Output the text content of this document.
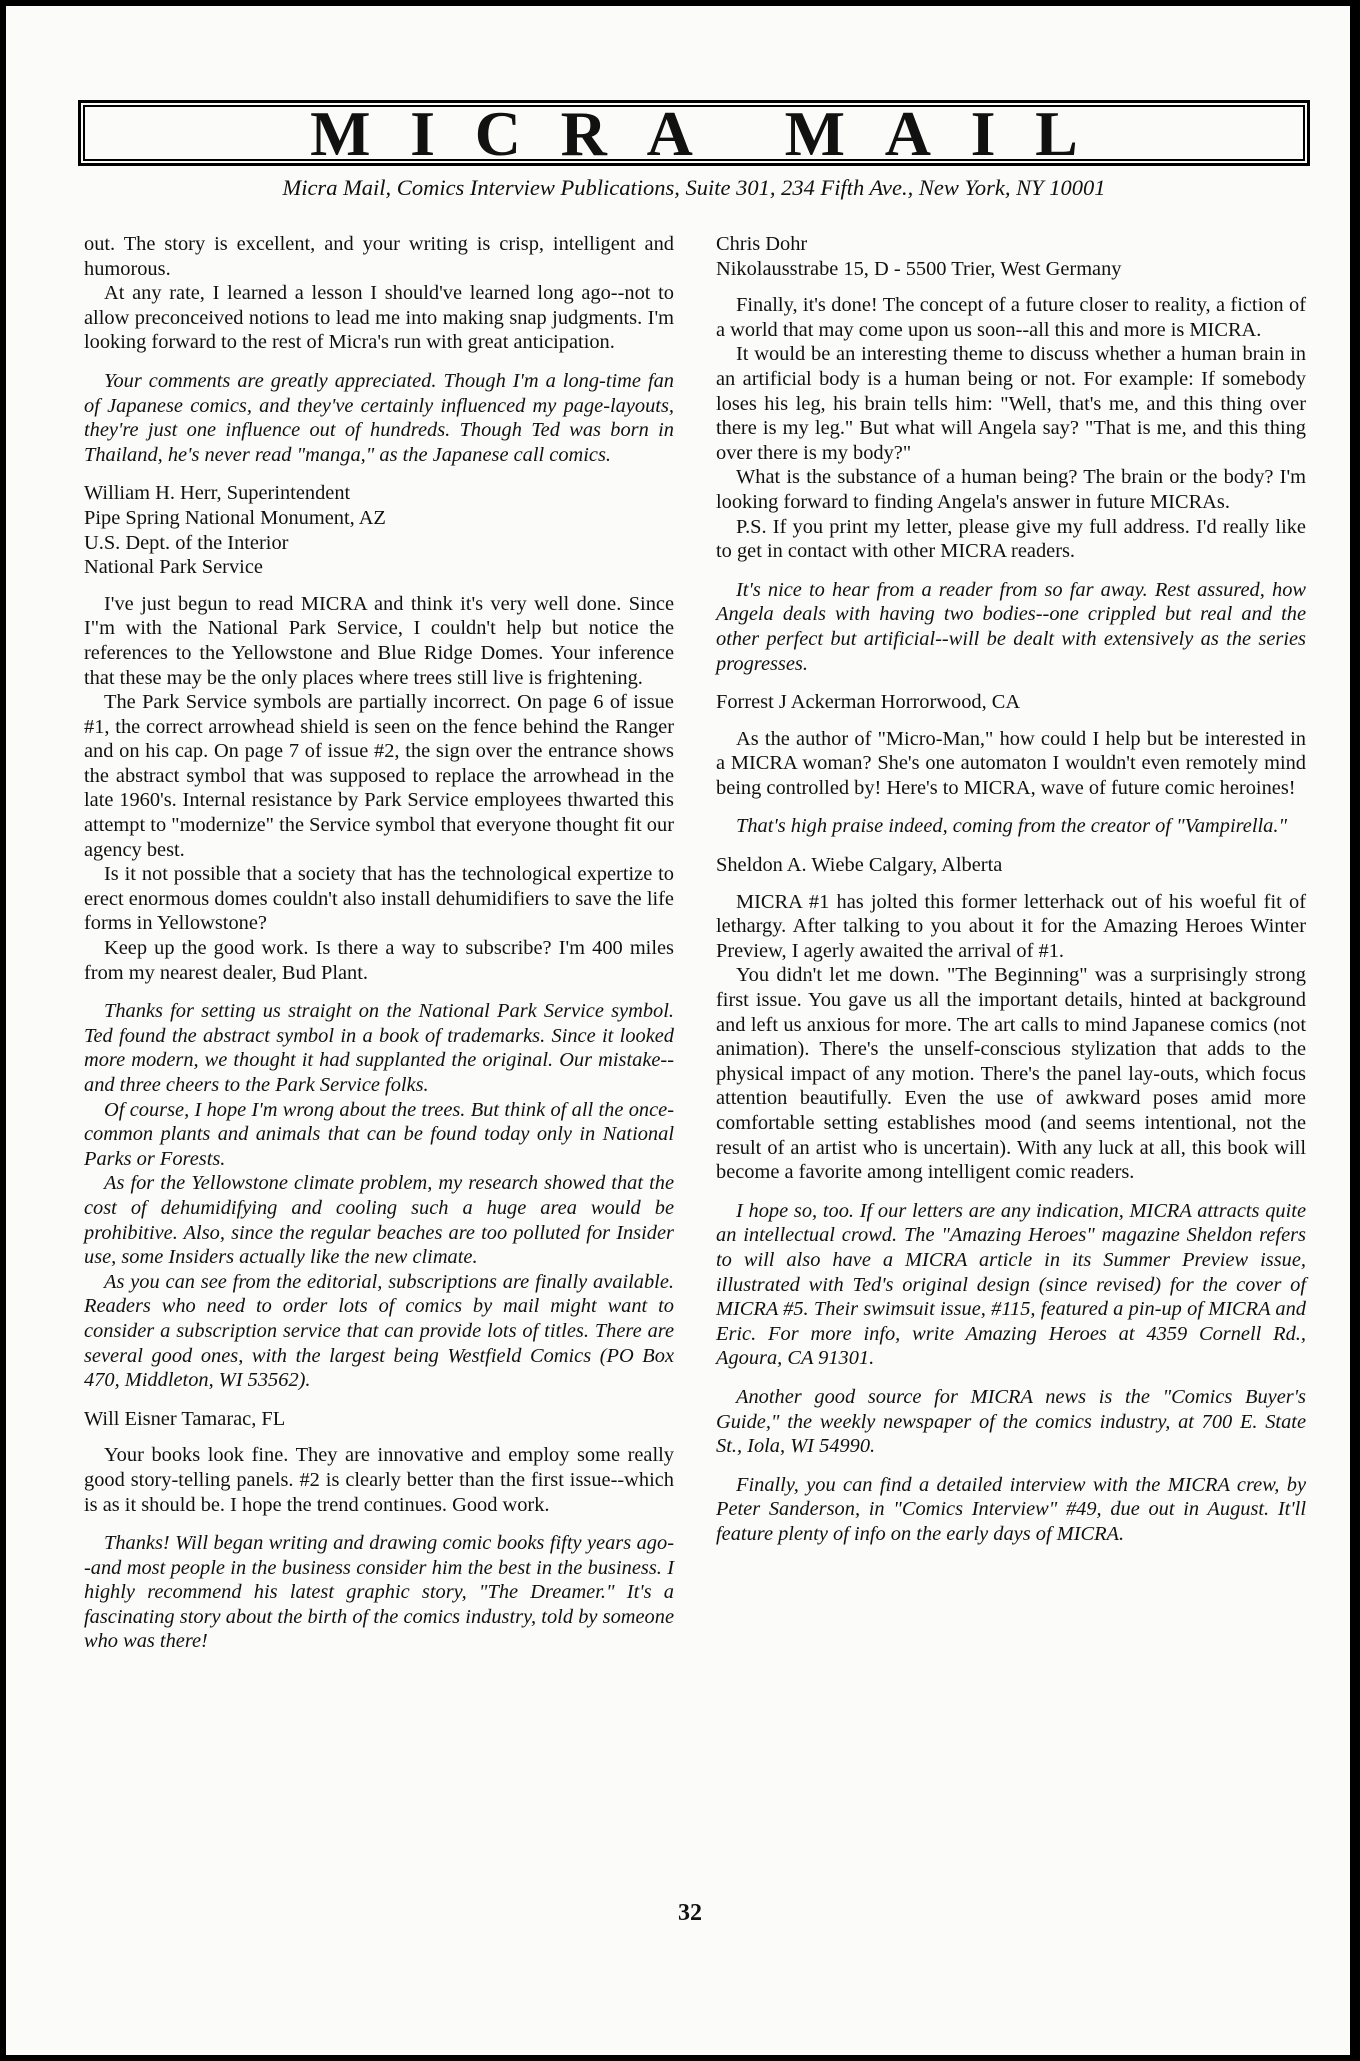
MICRA MAIL
Micra Mail, Comics Interview Publications, Suite 301, 234 Fifth Ave., New York, NY 10001

out. The story is excellent, and your writing is crisp, intelligent and humorous.

At any rate, I learned a lesson I should've learned long ago--not to allow preconceived notions to lead me into making snap judgments. I'm looking forward to the rest of Micra's run with great anticipation.

Your comments are greatly appreciated. Though I'm a long-time fan of Japanese comics, and they've certainly influenced my page-layouts, they're just one influence out of hundreds. Though Ted was born in Thailand, he's never read "manga," as the Japanese call comics.

William H. Herr, Superintendent
Pipe Spring National Monument, AZ
U.S. Dept. of the Interior
National Park Service

I've just begun to read MICRA and think it's very well done. Since I"m with the National Park Service, I couldn't help but notice the references to the Yellowstone and Blue Ridge Domes. Your inference that these may be the only places where trees still live is frightening.

The Park Service symbols are partially incorrect. On page 6 of issue #1, the correct arrowhead shield is seen on the fence behind the Ranger and on his cap. On page 7 of issue #2, the sign over the entrance shows the abstract symbol that was supposed to replace the arrowhead in the late 1960's. Internal resistance by Park Service employees thwarted this attempt to "modernize" the Service symbol that everyone thought fit our agency best.

Is it not possible that a society that has the technological expertize to erect enormous domes couldn't also install dehumidifiers to save the life forms in Yellowstone?

Keep up the good work. Is there a way to subscribe? I'm 400 miles from my nearest dealer, Bud Plant.

Thanks for setting us straight on the National Park Service symbol. Ted found the abstract symbol in a book of trademarks. Since it looked more modern, we thought it had supplanted the original. Our mistake--and three cheers to the Park Service folks.

Of course, I hope I'm wrong about the trees. But think of all the once-common plants and animals that can be found today only in National Parks or Forests.

As for the Yellowstone climate problem, my research showed that the cost of dehumidifying and cooling such a huge area would be prohibitive. Also, since the regular beaches are too polluted for Insider use, some Insiders actually like the new climate.

As you can see from the editorial, subscriptions are finally available. Readers who need to order lots of comics by mail might want to consider a subscription service that can provide lots of titles. There are several good ones, with the largest being Westfield Comics (PO Box 470, Middleton, WI 53562).

Will Eisner Tamarac, FL

Your books look fine. They are innovative and employ some really good story-telling panels. #2 is clearly better than the first issue--which is as it should be. I hope the trend continues. Good work.

Thanks! Will began writing and drawing comic books fifty years ago--and most people in the business consider him the best in the business. I highly recommend his latest graphic story, "The Dreamer." It's a fascinating story about the birth of the comics industry, told by someone who was there!

Chris Dohr
Nikolausstrabe 15, D - 5500 Trier, West Germany

Finally, it's done! The concept of a future closer to reality, a fiction of a world that may come upon us soon--all this and more is MICRA.

It would be an interesting theme to discuss whether a human brain in an artificial body is a human being or not. For example: If somebody loses his leg, his brain tells him: "Well, that's me, and this thing over there is my leg." But what will Angela say? "That is me, and this thing over there is my body?"

What is the substance of a human being? The brain or the body? I'm looking forward to finding Angela's answer in future MICRAs.

P.S. If you print my letter, please give my full address. I'd really like to get in contact with other MICRA readers.

It's nice to hear from a reader from so far away. Rest assured, how Angela deals with having two bodies--one crippled but real and the other perfect but artificial--will be dealt with extensively as the series progresses.

Forrest J Ackerman Horrorwood, CA

As the author of "Micro-Man," how could I help but be interested in a MICRA woman? She's one automaton I wouldn't even remotely mind being controlled by! Here's to MICRA, wave of future comic heroines!

That's high praise indeed, coming from the creator of "Vampirella."

Sheldon A. Wiebe Calgary, Alberta

MICRA #1 has jolted this former letterhack out of his woeful fit of lethargy. After talking to you about it for the Amazing Heroes Winter Preview, I agerly awaited the arrival of #1.

You didn't let me down. "The Beginning" was a surprisingly strong first issue. You gave us all the important details, hinted at background and left us anxious for more. The art calls to mind Japanese comics (not animation). There's the unself-conscious stylization that adds to the physical impact of any motion. There's the panel lay-outs, which focus attention beautifully. Even the use of awkward poses amid more comfortable setting establishes mood (and seems intentional, not the result of an artist who is uncertain). With any luck at all, this book will become a favorite among intelligent comic readers.

I hope so, too. If our letters are any indication, MICRA attracts quite an intellectual crowd. The "Amazing Heroes" magazine Sheldon refers to will also have a MICRA article in its Summer Preview issue, illustrated with Ted's original design (since revised) for the cover of MICRA #5. Their swimsuit issue, #115, featured a pin-up of MICRA and Eric. For more info, write Amazing Heroes at 4359 Cornell Rd., Agoura, CA 91301.

Another good source for MICRA news is the "Comics Buyer's Guide," the weekly newspaper of the comics industry, at 700 E. State St., Iola, WI 54990.

Finally, you can find a detailed interview with the MICRA crew, by Peter Sanderson, in "Comics Interview" #49, due out in August. It'll feature plenty of info on the early days of MICRA.

32
